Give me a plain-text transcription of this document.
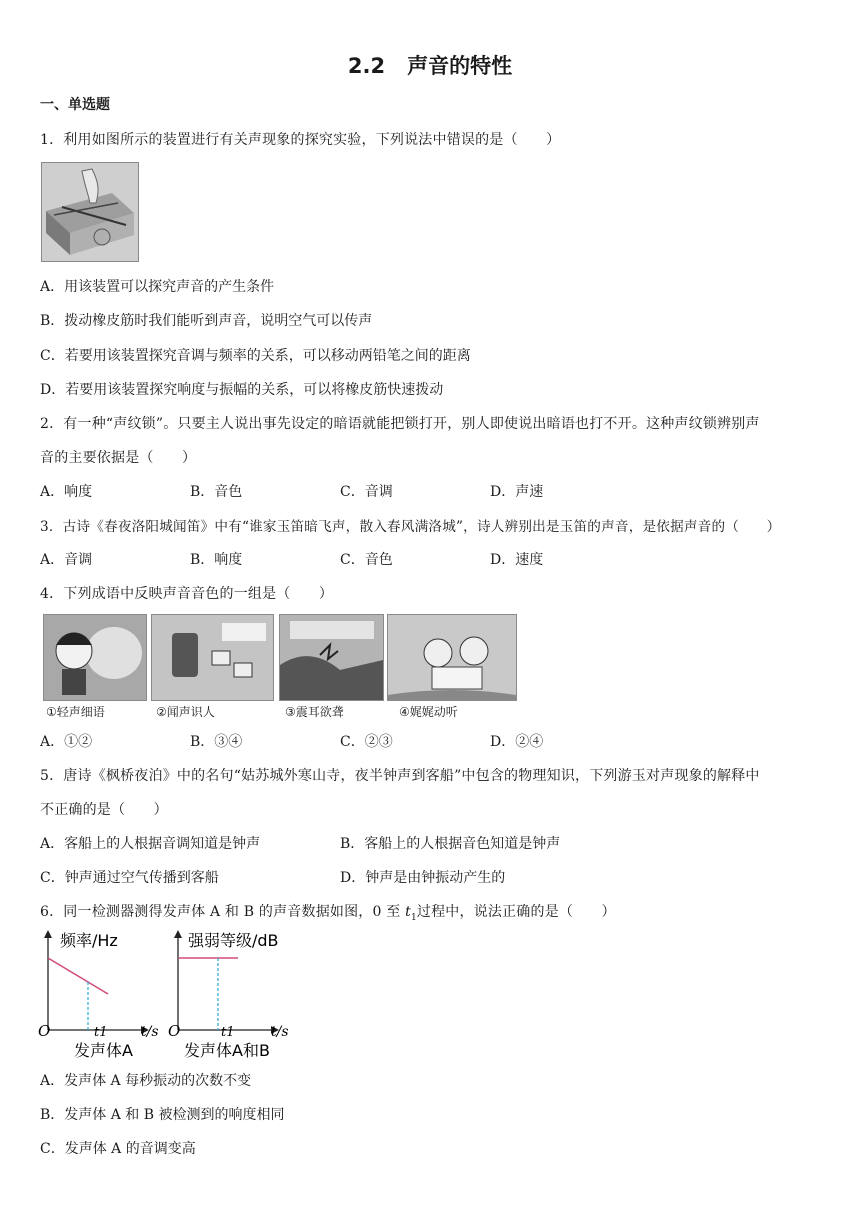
2.2 声音的特性
一、单选题
1．利用如图所示的装置进行有关声现象的探究实验，下列说法中错误的是（　　）
A．用该装置可以探究声音的产生条件
B．拨动橡皮筋时我们能听到声音，说明空气可以传声
C．若要用该装置探究音调与频率的关系，可以移动两铅笔之间的距离
D．若要用该装置探究响度与振幅的关系，可以将橡皮筋快速拨动
2．有一种“声纹锁”。只要主人说出事先设定的暗语就能把锁打开，别人即使说出暗语也打不开。这种声纹锁辨别声
音的主要依据是（　　）
A．响度	B．音色	C．音调	D．声速
3．古诗《春夜洛阳城闻笛》中有“谁家玉笛暗飞声，散入春风满洛城”，诗人辨别出是玉笛的声音，是依据声音的（　　）
A．音调	B．响度	C．音色	D．速度
4．下列成语中反映声音音色的一组是（　　）
①轻声细语	②闻声识人	③震耳欲聋	④娓娓动听
A．①②	B．③④	C．②③	D．②④
5．唐诗《枫桥夜泊》中的名句“姑苏城外寒山寺，夜半钟声到客船”中包含的物理知识，下列游玉对声现象的解释中
不正确的是（　　）
A．客船上的人根据音调知道是钟声	B．客船上的人根据音色知道是钟声
C．钟声通过空气传播到客船	D．钟声是由钟振动产生的
6．同一检测器测得发声体 A 和 B 的声音数据如图，0 至 $t_1$过程中，说法正确的是（　　）
频率/Hz
O	t1 t/s
发声体A
强弱等级/dB
O	t1	t/s
发声体A和B
A．发声体 A 每秒振动的次数不变
B．发声体 A 和 B 被检测到的响度相同
C．发声体 A 的音调变高
